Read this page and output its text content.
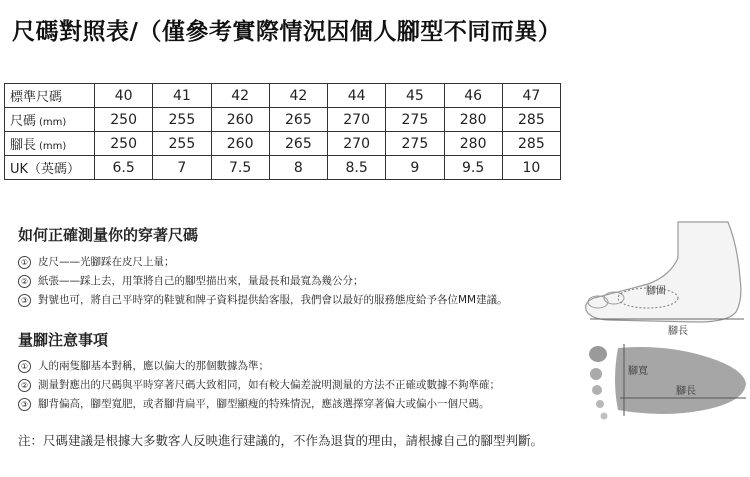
尺碼對照表/（僅參考實際情況因個人腳型不同而異）
標準尺碼	40	41	42	42	44	45	46	47
尺碼 (mm)	250	255	260	265	270	275	280	285
腳長 (mm)	250	255	260	265	270	275	280	285
UK（英碼）	6.5	7	7.5	8	8.5	9	9.5	10
如何正確測量你的穿著尺碼
① 皮尺——光腳踩在皮尺上量；
② 紙張——踩上去，用筆將自己的腳型描出來，量最長和最寬為幾公分；
③ 對號也可，將自己平時穿的鞋號和牌子資料提供給客服，我們會以最好的服務態度給予各位MM建議。
量腳注意事項
① 人的兩隻腳基本對稱，應以偏大的那個數據為準；
② 測量對應出的尺碼與平時穿著尺碼大致相同，如有較大偏差說明測量的方法不正確或數據不夠準確；
③ 腳背偏高，腳型寬肥，或者腳背扁平，腳型顯瘦的特殊情況，應該選擇穿著偏大或偏小一個尺碼。

注：尺碼建議是根據大多數客人反映進行建議的，不作為退貨的理由，請根據自己的腳型判斷。

腳圍
腳長
腳寬
腳長
